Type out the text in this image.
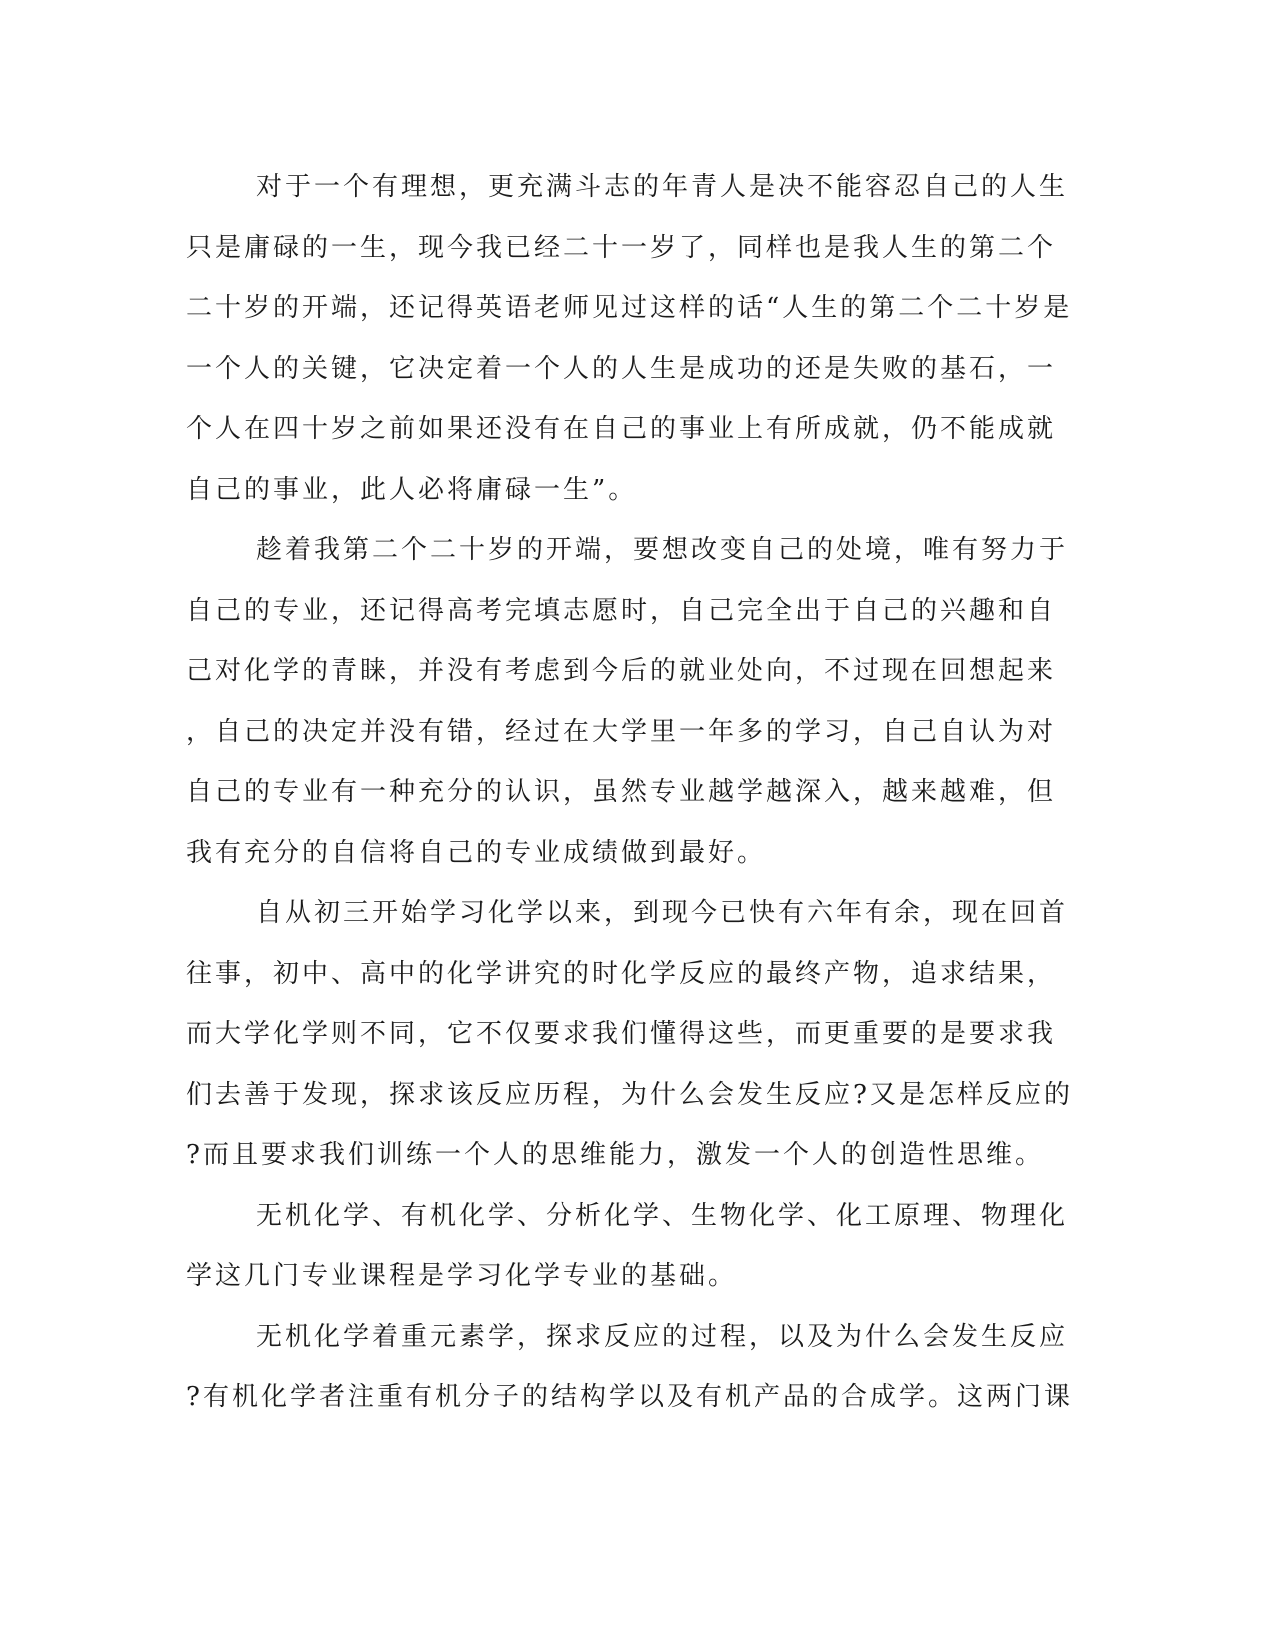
对于一个有理想，更充满斗志的年青人是决不能容忍自己的人生
只是庸碌的一生，现今我已经二十一岁了，同样也是我人生的第二个
二十岁的开端，还记得英语老师见过这样的话“人生的第二个二十岁是
一个人的关键，它决定着一个人的人生是成功的还是失败的基石，一
个人在四十岁之前如果还没有在自己的事业上有所成就，仍不能成就
自己的事业，此人必将庸碌一生”。
趁着我第二个二十岁的开端，要想改变自己的处境，唯有努力于
自己的专业，还记得高考完填志愿时，自己完全出于自己的兴趣和自
己对化学的青睐，并没有考虑到今后的就业处向，不过现在回想起来
，自己的决定并没有错，经过在大学里一年多的学习，自己自认为对
自己的专业有一种充分的认识，虽然专业越学越深入，越来越难，但
我有充分的自信将自己的专业成绩做到最好。
自从初三开始学习化学以来，到现今已快有六年有余，现在回首
往事，初中、高中的化学讲究的时化学反应的最终产物，追求结果，
而大学化学则不同，它不仅要求我们懂得这些，而更重要的是要求我
们去善于发现，探求该反应历程，为什么会发生反应?又是怎样反应的
?而且要求我们训练一个人的思维能力，激发一个人的创造性思维。
无机化学、有机化学、分析化学、生物化学、化工原理、物理化
学这几门专业课程是学习化学专业的基础。
无机化学着重元素学，探求反应的过程，以及为什么会发生反应
?有机化学者注重有机分子的结构学以及有机产品的合成学。这两门课
